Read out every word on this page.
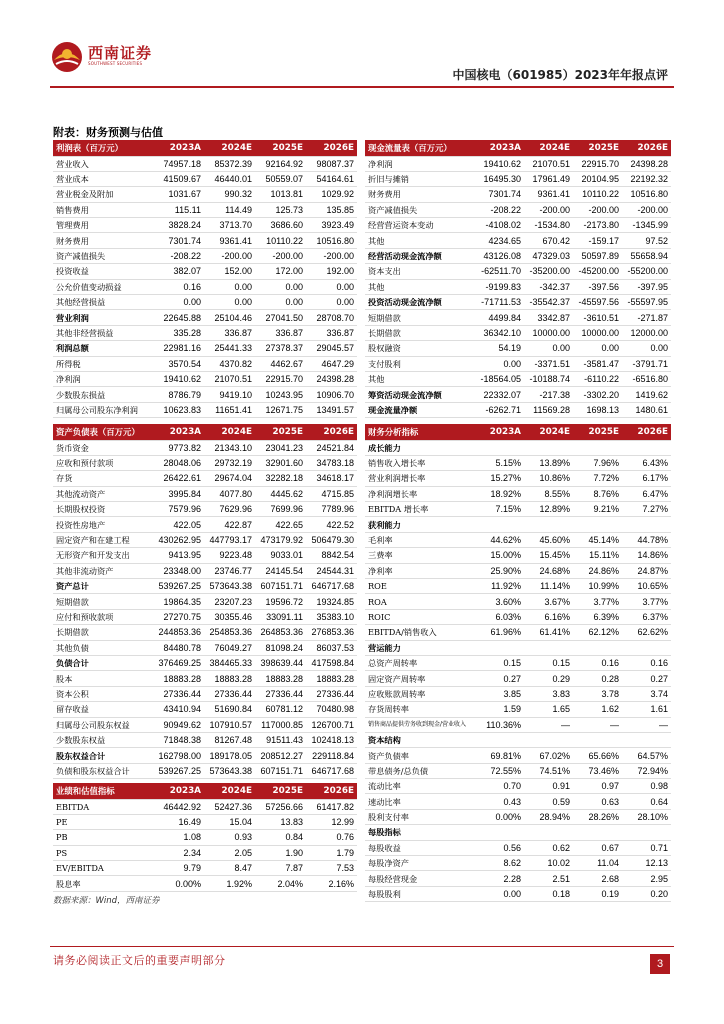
西南证券
SOUTHWEST SECURITIES
中国核电（601985）2023年年报点评
附表：财务预测与估值
利润表（百万元）	2023A	2024E	2025E	2026E
营业收入	74957.18	85372.39	92164.92	98087.37
营业成本	41509.67	46440.01	50559.07	54164.61
营业税金及附加	1031.67	990.32	1013.81	1029.92
销售费用	115.11	114.49	125.73	135.85
管理费用	3828.24	3713.70	3686.60	3923.49
财务费用	7301.74	9361.41	10110.22	10516.80
资产减值损失	-208.22	-200.00	-200.00	-200.00
投资收益	382.07	152.00	172.00	192.00
公允价值变动损益	0.16	0.00	0.00	0.00
其他经营损益	0.00	0.00	0.00	0.00
营业利润	22645.88	25104.46	27041.50	28708.70
其他非经营损益	335.28	336.87	336.87	336.87
利润总额	22981.16	25441.33	27378.37	29045.57
所得税	3570.54	4370.82	4462.67	4647.29
净利润	19410.62	21070.51	22915.70	24398.28
少数股东损益	8786.79	9419.10	10243.95	10906.70
归属母公司股东净利润	10623.83	11651.41	12671.75	13491.57
现金流量表（百万元）	2023A	2024E	2025E	2026E
净利润	19410.62	21070.51	22915.70	24398.28
折旧与摊销	16495.30	17961.49	20104.95	22192.32
财务费用	7301.74	9361.41	10110.22	10516.80
资产减值损失	-208.22	-200.00	-200.00	-200.00
经营营运资本变动	-4108.02	-1534.80	-2173.80	-1345.99
其他	4234.65	670.42	-159.17	97.52
经营活动现金流净额	43126.08	47329.03	50597.89	55658.94
资本支出	-62511.70	-35200.00	-45200.00	-55200.00
其他	-9199.83	-342.37	-397.56	-397.95
投资活动现金流净额	-71711.53	-35542.37	-45597.56	-55597.95
短期借款	4499.84	3342.87	-3610.51	-271.87
长期借款	36342.10	10000.00	10000.00	12000.00
股权融资	54.19	0.00	0.00	0.00
支付股利	0.00	-3371.51	-3581.47	-3791.71
其他	-18564.05	-10188.74	-6110.22	-6516.80
筹资活动现金流净额	22332.07	-217.38	-3302.20	1419.62
现金流量净额	-6262.71	11569.28	1698.13	1480.61
资产负债表（百万元）	2023A	2024E	2025E	2026E
货币资金	9773.82	21343.10	23041.23	24521.84
应收和预付款项	28048.06	29732.19	32901.60	34783.18
存货	26422.61	29674.04	32282.18	34618.17
其他流动资产	3995.84	4077.80	4445.62	4715.85
长期股权投资	7579.96	7629.96	7699.96	7789.96
投资性房地产	422.05	422.87	422.65	422.52
固定资产和在建工程	430262.95	447793.17	473179.92	506479.30
无形资产和开发支出	9413.95	9223.48	9033.01	8842.54
其他非流动资产	23348.00	23746.77	24145.54	24544.31
资产总计	539267.25	573643.38	607151.71	646717.68
短期借款	19864.35	23207.23	19596.72	19324.85
应付和预收款项	27270.75	30355.46	33091.11	35383.10
长期借款	244853.36	254853.36	264853.36	276853.36
其他负债	84480.78	76049.27	81098.24	86037.53
负债合计	376469.25	384465.33	398639.44	417598.84
股本	18883.28	18883.28	18883.28	18883.28
资本公积	27336.44	27336.44	27336.44	27336.44
留存收益	43410.94	51690.84	60781.12	70480.98
归属母公司股东权益	90949.62	107910.57	117000.85	126700.71
少数股东权益	71848.38	81267.48	91511.43	102418.13
股东权益合计	162798.00	189178.05	208512.27	229118.84
负债和股东权益合计	539267.25	573643.38	607151.71	646717.68
财务分析指标	2023A	2024E	2025E	2026E
成长能力				
销售收入增长率	5.15%	13.89%	7.96%	6.43%
营业利润增长率	15.27%	10.86%	7.72%	6.17%
净利润增长率	18.92%	8.55%	8.76%	6.47%
EBITDA 增长率	7.15%	12.89%	9.21%	7.27%
获利能力				
毛利率	44.62%	45.60%	45.14%	44.78%
三费率	15.00%	15.45%	15.11%	14.86%
净利率	25.90%	24.68%	24.86%	24.87%
ROE	11.92%	11.14%	10.99%	10.65%
ROA	3.60%	3.67%	3.77%	3.77%
ROIC	6.03%	6.16%	6.39%	6.37%
EBITDA/销售收入	61.96%	61.41%	62.12%	62.62%
营运能力				
总资产周转率	0.15	0.15	0.16	0.16
固定资产周转率	0.27	0.29	0.28	0.27
应收账款周转率	3.85	3.83	3.78	3.74
存货周转率	1.59	1.65	1.62	1.61
销售商品提供劳务收到现金/营业收入	110.36%	—	—	—
资本结构				
资产负债率	69.81%	67.02%	65.66%	64.57%
带息债务/总负债	72.55%	74.51%	73.46%	72.94%
流动比率	0.70	0.91	0.97	0.98
速动比率	0.43	0.59	0.63	0.64
股利支付率	0.00%	28.94%	28.26%	28.10%
每股指标				
每股收益	0.56	0.62	0.67	0.71
每股净资产	8.62	10.02	11.04	12.13
每股经营现金	2.28	2.51	2.68	2.95
每股股利	0.00	0.18	0.19	0.20
业绩和估值指标	2023A	2024E	2025E	2026E
EBITDA	46442.92	52427.36	57256.66	61417.82
PE	16.49	15.04	13.83	12.99
PB	1.08	0.93	0.84	0.76
PS	2.34	2.05	1.90	1.79
EV/EBITDA	9.79	8.47	7.87	7.53
股息率	0.00%	1.92%	2.04%	2.16%
数据来源：Wind，西南证券
请务必阅读正文后的重要声明部分	3
